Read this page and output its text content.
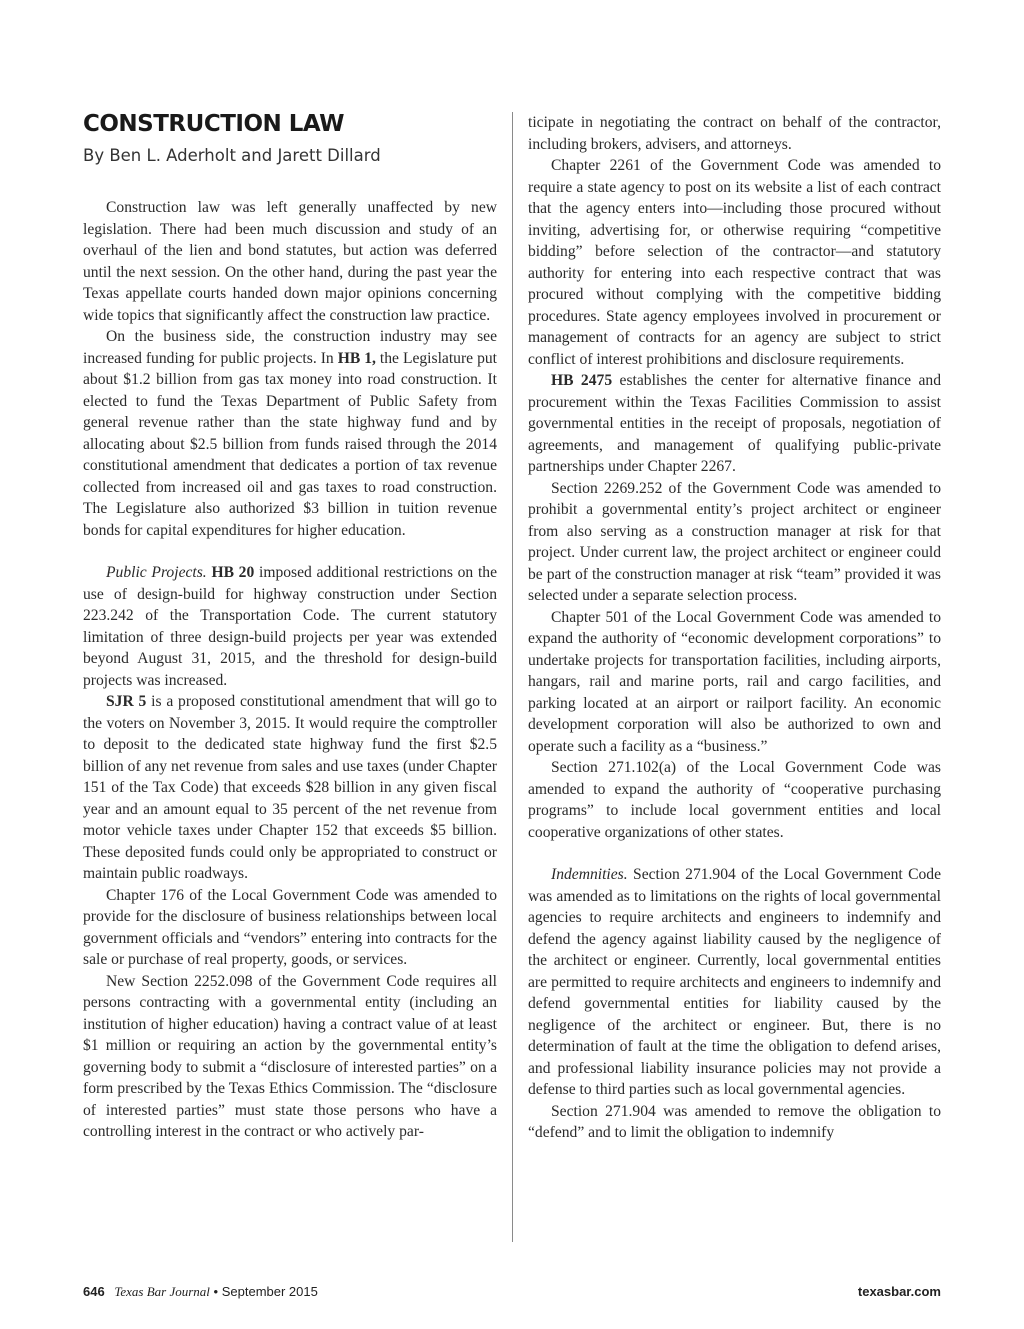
CONSTRUCTION LAW
By Ben L. Aderholt and Jarett Dillard

Construction law was left generally unaffected by new legislation. There had been much discussion and study of an overhaul of the lien and bond statutes, but action was deferred until the next session. On the other hand, during the past year the Texas appellate courts handed down major opinions concerning wide topics that significantly affect the construction law practice.

On the business side, the construction industry may see increased funding for public projects. In HB 1, the Legislature put about $1.2 billion from gas tax money into road construction. It elected to fund the Texas Department of Public Safety from general revenue rather than the state highway fund and by allocating about $2.5 billion from funds raised through the 2014 constitutional amendment that dedicates a portion of tax revenue collected from increased oil and gas taxes to road construction. The Legislature also authorized $3 billion in tuition revenue bonds for capital expenditures for higher education.

Public Projects. HB 20 imposed additional restrictions on the use of design-build for highway construction under Section 223.242 of the Transportation Code. The current statutory limitation of three design-build projects per year was extended beyond August 31, 2015, and the threshold for design-build projects was increased.

SJR 5 is a proposed constitutional amendment that will go to the voters on November 3, 2015. It would require the comptroller to deposit to the dedicated state highway fund the first $2.5 billion of any net revenue from sales and use taxes (under Chapter 151 of the Tax Code) that exceeds $28 billion in any given fiscal year and an amount equal to 35 percent of the net revenue from motor vehicle taxes under Chapter 152 that exceeds $5 billion. These deposited funds could only be appropriated to construct or maintain public roadways.

Chapter 176 of the Local Government Code was amended to provide for the disclosure of business relationships between local government officials and “vendors” entering into contracts for the sale or purchase of real property, goods, or services.

New Section 2252.098 of the Government Code requires all persons contracting with a governmental entity (including an institution of higher education) having a contract value of at least $1 million or requiring an action by the governmental entity’s governing body to submit a “disclosure of interested parties” on a form prescribed by the Texas Ethics Commission. The “disclosure of interested parties” must state those persons who have a controlling interest in the contract or who actively par-

ticipate in negotiating the contract on behalf of the contractor, including brokers, advisers, and attorneys.

Chapter 2261 of the Government Code was amended to require a state agency to post on its website a list of each contract that the agency enters into—including those procured without inviting, advertising for, or otherwise requiring “competitive bidding” before selection of the contractor—and statutory authority for entering into each respective contract that was procured without complying with the competitive bidding procedures. State agency employees involved in procurement or management of contracts for an agency are subject to strict conflict of interest prohibitions and disclosure requirements.

HB 2475 establishes the center for alternative finance and procurement within the Texas Facilities Commission to assist governmental entities in the receipt of proposals, negotiation of agreements, and management of qualifying public-private partnerships under Chapter 2267.

Section 2269.252 of the Government Code was amended to prohibit a governmental entity’s project architect or engineer from also serving as a construction manager at risk for that project. Under current law, the project architect or engineer could be part of the construction manager at risk “team” provided it was selected under a separate selection process.

Chapter 501 of the Local Government Code was amended to expand the authority of “economic development corporations” to undertake projects for transportation facilities, including airports, hangars, rail and marine ports, rail and cargo facilities, and parking located at an airport or railport facility. An economic development corporation will also be authorized to own and operate such a facility as a “business.”

Section 271.102(a) of the Local Government Code was amended to expand the authority of “cooperative purchasing programs” to include local government entities and local cooperative organizations of other states.

Indemnities. Section 271.904 of the Local Government Code was amended as to limitations on the rights of local governmental agencies to require architects and engineers to indemnify and defend the agency against liability caused by the negligence of the architect or engineer. Currently, local governmental entities are permitted to require architects and engineers to indemnify and defend governmental entities for liability caused by the negligence of the architect or engineer. But, there is no determination of fault at the time the obligation to defend arises, and professional liability insurance policies may not provide a defense to third parties such as local governmental agencies.

Section 271.904 was amended to remove the obligation to “defend” and to limit the obligation to indemnify

646 Texas Bar Journal • September 2015	texasbar.com
